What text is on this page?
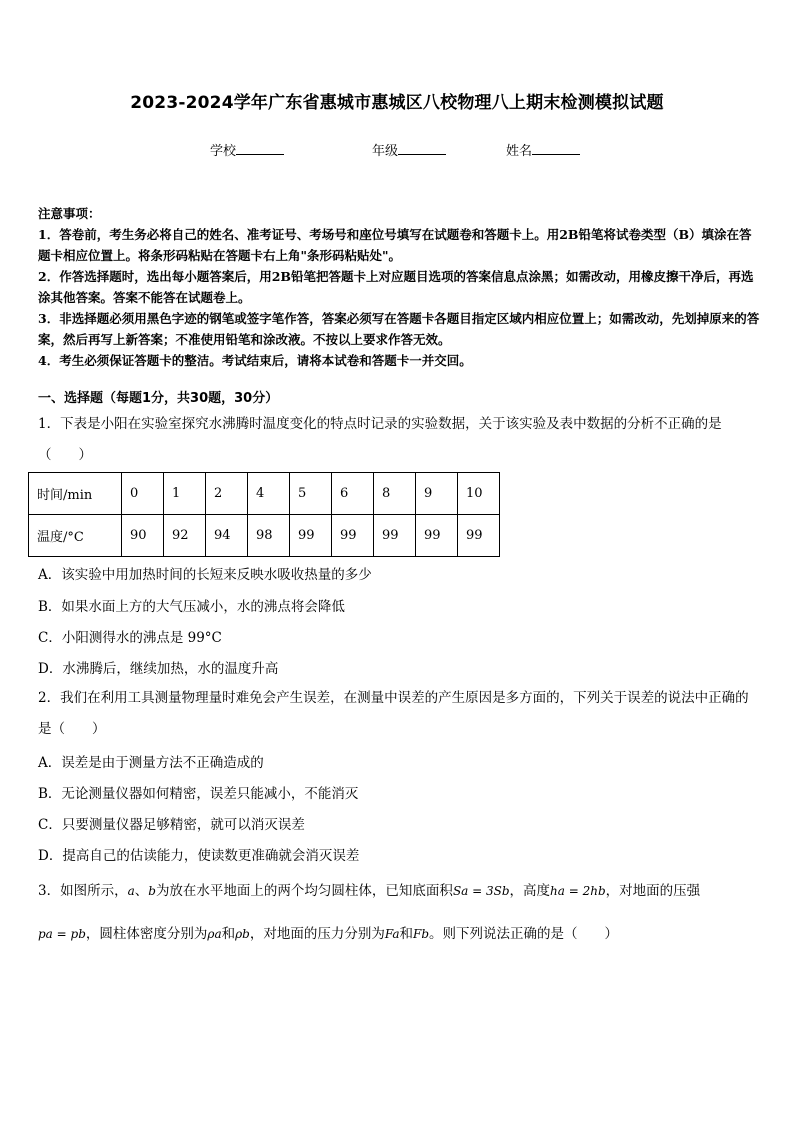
2023-2024学年广东省惠城市惠城区八校物理八上期末检测模拟试题
学校	年级	姓名

注意事项：

1．答卷前，考生务必将自己的姓名、准考证号、考场号和座位号填写在试题卷和答题卡上。用2B铅笔将试卷类型（B）填涂在答题卡相应位置上。将条形码粘贴在答题卡右上角"条形码粘贴处"。

2．作答选择题时，选出每小题答案后，用2B铅笔把答题卡上对应题目选项的答案信息点涂黑；如需改动，用橡皮擦干净后，再选涂其他答案。答案不能答在试题卷上。

3．非选择题必须用黑色字迹的钢笔或签字笔作答，答案必须写在答题卡各题目指定区域内相应位置上；如需改动，先划掉原来的答案，然后再写上新答案；不准使用铅笔和涂改液。不按以上要求作答无效。

4．考生必须保证答题卡的整洁。考试结束后，请将本试卷和答题卡一并交回。

一、选择题（每题1分，共30题，30分）
1．下表是小阳在实验室探究水沸腾时温度变化的特点时记录的实验数据，关于该实验及表中数据的分析不正确的是（　　）
时间/min	0	1	2	4	5	6	8	9	10
温度/°C	90	92	94	98	99	99	99	99	99
A．该实验中用加热时间的长短来反映水吸收热量的多少
B．如果水面上方的大气压减小，水的沸点将会降低
C．小阳测得水的沸点是 99°C
D．水沸腾后，继续加热，水的温度升高
2．我们在利用工具测量物理量时难免会产生误差，在测量中误差的产生原因是多方面的，下列关于误差的说法中正确的是（　　）
A．误差是由于测量方法不正确造成的
B．无论测量仪器如何精密，误差只能减小，不能消灭
C．只要测量仪器足够精密，就可以消灭误差
D．提高自己的估读能力，使读数更准确就会消灭误差
3．如图所示，a、b为放在水平地面上的两个均匀圆柱体，已知底面积Sa = 3Sb，高度ha = 2hb，对地面的压强
pa = pb，圆柱体密度分别为ρa和ρb，对地面的压力分别为Fa和Fb。则下列说法正确的是（　　）
